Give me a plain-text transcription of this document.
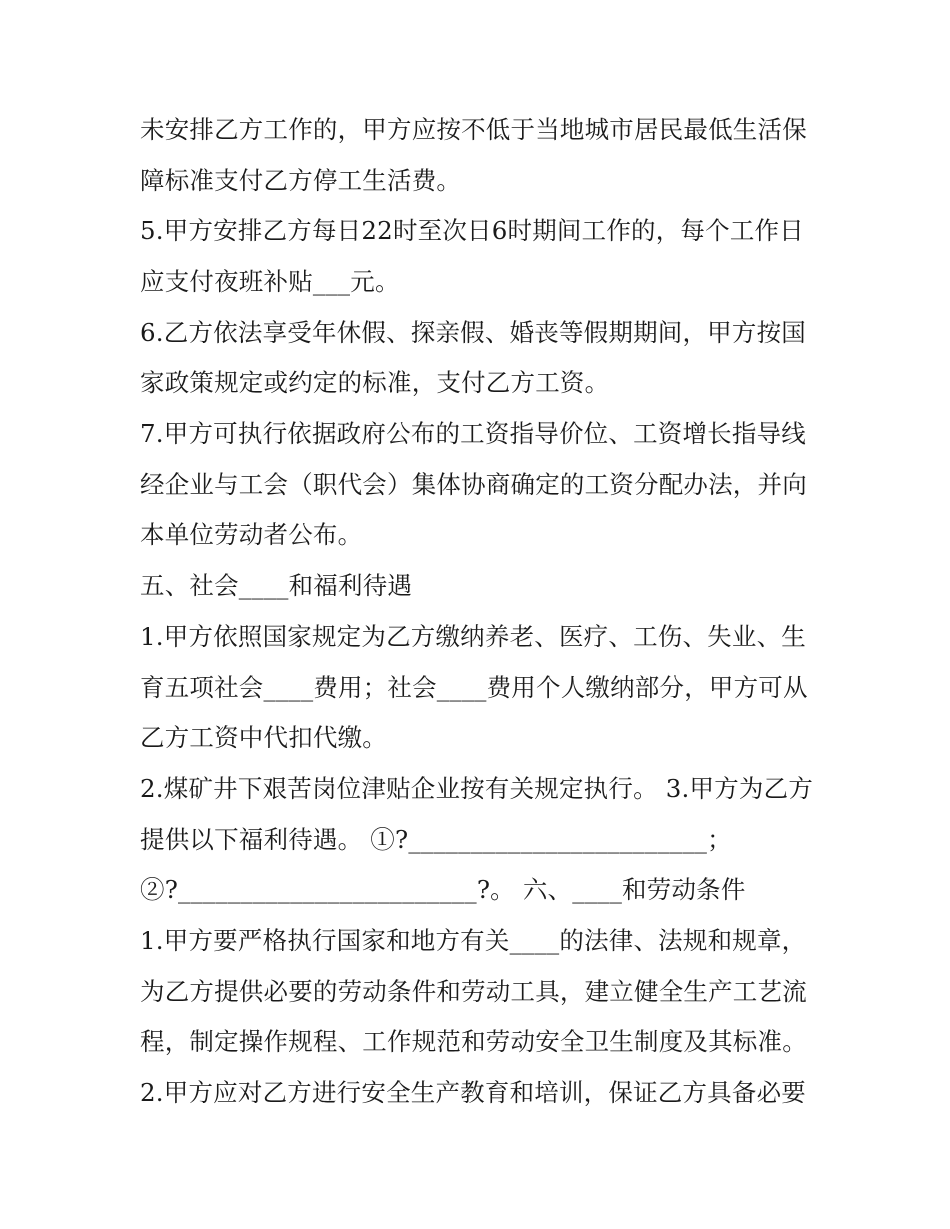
未安排乙方工作的，甲方应按不低于当地城市居民最低生活保
障标准支付乙方停工生活费。
5.甲方安排乙方每日22时至次日6时期间工作的，每个工作日
应支付夜班补贴___元。
6.乙方依法享受年休假、探亲假、婚丧等假期期间，甲方按国
家政策规定或约定的标准，支付乙方工资。
7.甲方可执行依据政府公布的工资指导价位、工资增长指导线
经企业与工会（职代会）集体协商确定的工资分配办法，并向
本单位劳动者公布。
五、社会____和福利待遇
1.甲方依照国家规定为乙方缴纳养老、医疗、工伤、失业、生
育五项社会____费用；社会____费用个人缴纳部分，甲方可从
乙方工资中代扣代缴。
2.煤矿井下艰苦岗位津贴企业按有关规定执行。 3.甲方为乙方
提供以下福利待遇。 ①?________________________；
②?________________________?。 六、____和劳动条件
1.甲方要严格执行国家和地方有关____的法律、法规和规章，
为乙方提供必要的劳动条件和劳动工具，建立健全生产工艺流
程，制定操作规程、工作规范和劳动安全卫生制度及其标准。
2.甲方应对乙方进行安全生产教育和培训，保证乙方具备必要
